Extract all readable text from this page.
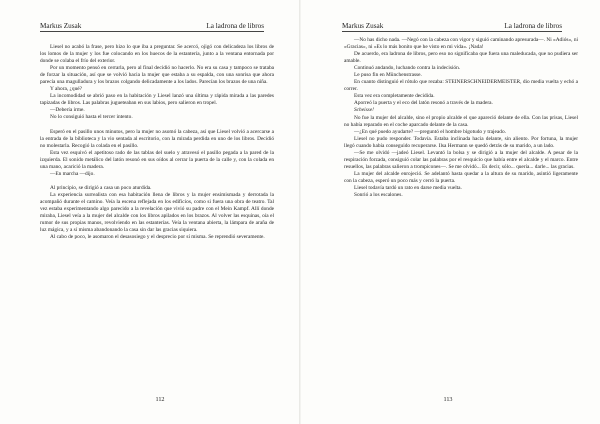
Markus Zusak	La ladrona de libros

Liesel no acabó la frase, pero hizo lo que iba a preguntar. Se acercó, ojigó con delicadeza los libros de los lomos de la mujer y los fue colocando en los huecos de la estantería, junto a la ventana entornada por donde se colaba el frío del exterior.

Por un momento pensó en cerrarla, pero al final decidió no hacerlo. No era su casa y tampoco se trataba de forzar la situación, así que se volvió hacia la mujer que estaba a su espalda, con una sonrisa que ahora parecía una magulladura y los brazos colgando delicadamente a los lados. Parecían los brazos de una niña.

Y ahora, ¿qué?

La incomodidad se abrió paso en la habitación y Liesel lanzó una última y rápida mirada a las paredes tapizadas de libros. Las palabras jugueteaban en sus labios, pero salieron en tropel.

—Debería irme.

No lo consiguió hasta el tercer intento.

Esperó en el pasillo unos minutos, pero la mujer no asomó la cabeza, así que Liesel volvió a acercarse a la entrada de la biblioteca y la vio sentada al escritorio, con la mirada perdida en uno de los libros. Decidió no molestarla. Recogió la colada en el pasillo.

Esta vez esquivó el apetitoso rado de las tablas del suelo y atravesó el pasillo pegada a la pared de la izquierda. El sonido metálico del latón resonó en sus oídos al cerrar la puerta de la calle y, con la colada en una mano, acarició la madera.

—En marcha —dijo.

Al principio, se dirigió a casa un poco aturdida.

La experiencia surrealista con esa habitación llena de libros y la mujer ensimismada y derrotada la acompañó durante el camino. Veía la escena reflejada en los edificios, como si fuera una obra de teatro. Tal vez estaba experimentando algo parecido a la revelación que vivió su padre con el Mein Kampf. Allí donde miraba, Liesel veía a la mujer del alcalde con los libros apilados en los brazos. Al volver las esquinas, oía el rumor de sus propias manos, revolviendo en las estanterías. Veía la ventana abierta, la lámpara de araña de luz mágica, y a sí misma abandonando la casa sin dar las gracias siquiera.

Al cabo de poco, le asomaron el desasosiego y el desprecio por sí misma. Se reprendió severamente.

112
Markus Zusak	La ladrona de libros

—No has dicho nada. —Negó con la cabeza con vigor y siguió caminando apresurada—. Ni «Adiós», ni «Gracias», ni «Es lo más bonito que he visto en mi vida». ¡Nada!

De acuerdo, era ladrona de libros, pero eso no significaba que fuera una maleducada, que no pudiera ser amable.

Continuó andando, luchando contra la indecisión.

Le puso fin en Münchenstrasse.

En cuanto distinguió el rótulo que rezaba: STEINERSCHNEIDERMEISTER, dio media vuelta y echó a correr.

Esta vez era completamente decidida.

Aporreó la puerta y el eco del latón resonó a través de la madera.

Scheisse!

No fue la mujer del alcalde, sino el propio alcalde el que apareció delante de ella. Con las prisas, Liesel no había reparado en el coche aparcado delante de la casa.

—¿En qué puedo ayudarte? —preguntó el hombre bigotudo y trajeado.

Liesel no pudo responder. Todavía. Estaba inclinada hacia delante, sin aliento. Por fortuna, la mujer llegó cuando había conseguido recuperarse. Ilsa Hermann se quedó detrás de su marido, a un lado.

—Se me olvidó —jadeó Liesel. Levantó la bolsa y se dirigió a la mujer del alcalde. A pesar de la respiración forzada, consiguió colar las palabras por el resquicio que había entre el alcalde y el marco. Entre resuellos, las palabras salieron a trompicones—. Se me olvidó... Es decir, sólo... quería... darle... las gracias.

La mujer del alcalde enrojeció. Se adelantó hasta quedar a la altura de su marido, asintió ligeramente con la cabeza, esperó un poco más y cerró la puerta.

Liesel todavía tardó un rato en darse media vuelta.

Sonrió a los escalones.

113
